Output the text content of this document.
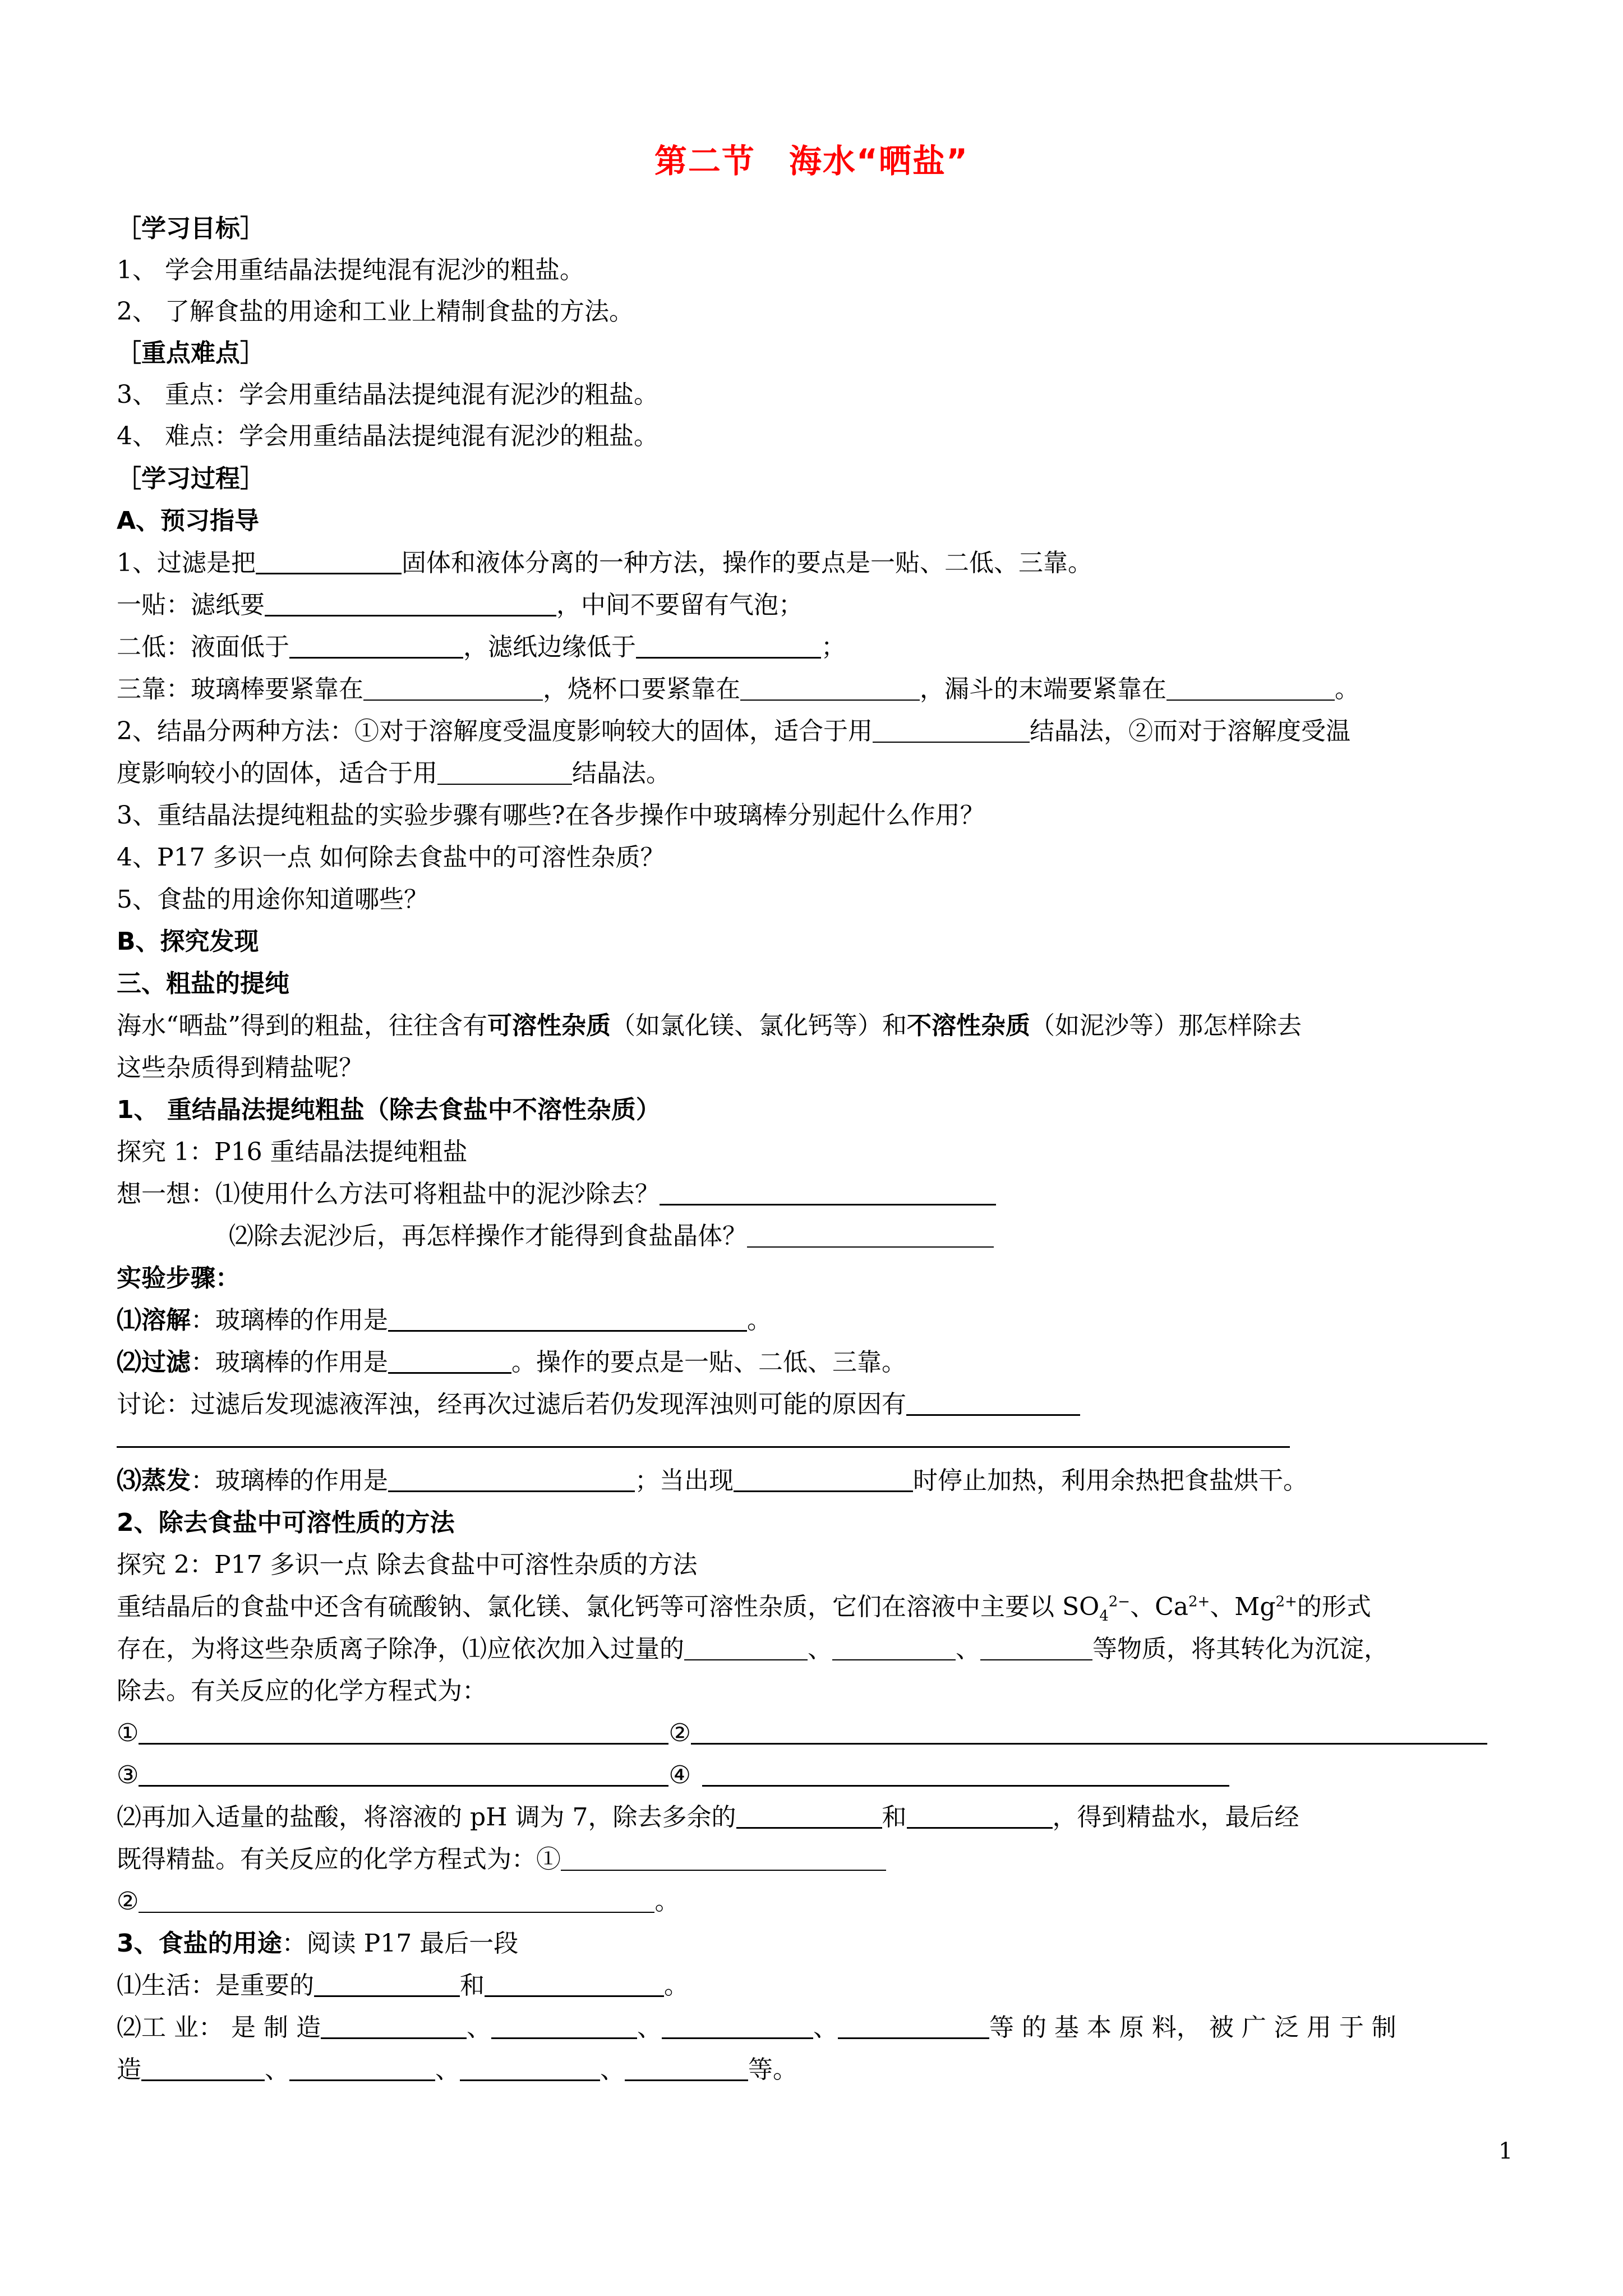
第二节　海水“晒盐”
［学习目标］
1、 学会用重结晶法提纯混有泥沙的粗盐。
2、 了解食盐的用途和工业上精制食盐的方法。
［重点难点］
3、 重点：学会用重结晶法提纯混有泥沙的粗盐。
4、 难点：学会用重结晶法提纯混有泥沙的粗盐。
［学习过程］
A、预习指导
1、过滤是把	固体和液体分离的一种方法，操作的要点是一贴、二低、三靠。
一贴：滤纸要	，中间不要留有气泡；
二低：液面低于	，滤纸边缘低于	；
三靠：玻璃棒要紧靠在	，烧杯口要紧靠在	，漏斗的末端要紧靠在	。
2、结晶分两种方法：①对于溶解度受温度影响较大的固体，适合于用	结晶法，②而对于溶解度受温
度影响较小的固体，适合于用	结晶法。
3、重结晶法提纯粗盐的实验步骤有哪些?在各步操作中玻璃棒分别起什么作用？
4、P17 多识一点 如何除去食盐中的可溶性杂质？
5、食盐的用途你知道哪些？
B、探究发现
三、粗盐的提纯
海水“晒盐”得到的粗盐，往往含有可溶性杂质（如氯化镁、氯化钙等）和不溶性杂质（如泥沙等）那怎样除去
这些杂质得到精盐呢？
1、 重结晶法提纯粗盐（除去食盐中不溶性杂质）
探究 1：P16 重结晶法提纯粗盐
想一想：⑴使用什么方法可将粗盐中的泥沙除去？
⑵除去泥沙后，再怎样操作才能得到食盐晶体？
实验步骤：
⑴溶解：玻璃棒的作用是	。
⑵过滤：玻璃棒的作用是	。操作的要点是一贴、二低、三靠。
讨论：过滤后发现滤液浑浊，经再次过滤后若仍发现浑浊则可能的原因有
⑶蒸发：玻璃棒的作用是	；当出现	时停止加热，利用余热把食盐烘干。
2、除去食盐中可溶性质的方法
探究 2：P17 多识一点 除去食盐中可溶性杂质的方法
重结晶后的食盐中还含有硫酸钠、氯化镁、氯化钙等可溶性杂质，它们在溶液中主要以 $SO_4^{2-}$、$Ca^{2+}$、$Mg^{2+}$的形式
存在，为将这些杂质离子除净，⑴应依次加入过量的	、	、	等物质，将其转化为沉淀，
除去。有关反应的化学方程式为：
①	②
③	④
⑵再加入适量的盐酸，将溶液的 pH 调为 7，除去多余的	和	，得到精盐水，最后经
既得精盐。有关反应的化学方程式为：①
②	。
3、食盐的用途：阅读 P17 最后一段
⑴生活：是重要的	和	。
⑵工 业： 是 制 造	、	、	、	等 的 基 本 原 料， 被 广 泛 用 于 制
造	、	、	、	等。
1
